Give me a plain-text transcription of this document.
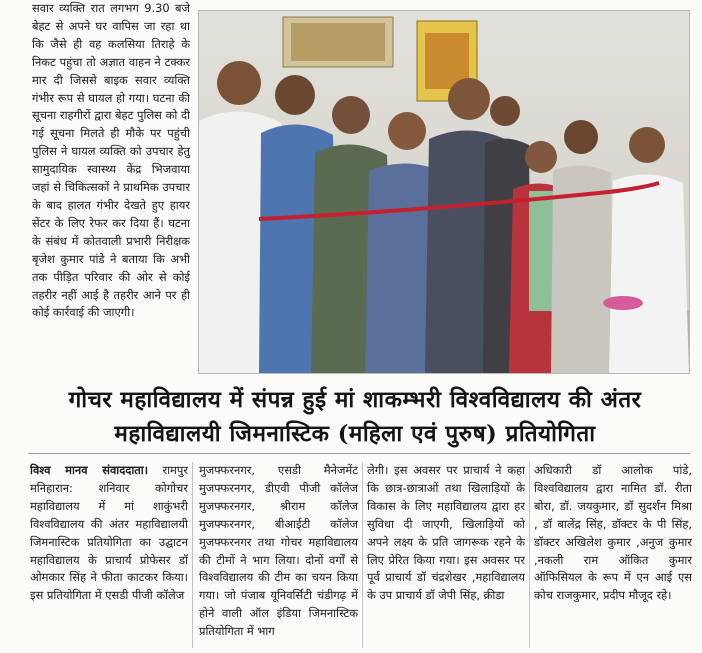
सवार व्यक्ति रात लगभग 9.30 बजे बेहट से अपने घर वापिस जा रहा था कि जैसे ही वह कलसिया तिराहे के निकट पहुंचा तो अज्ञात वाहन ने टक्कर मार दी जिससे बाइक सवार व्यक्ति गंभीर रूप से घायल हो गया। घटना की सूचना राहगीरों द्वारा बेहट पुलिस को दी गई सूचना मिलते ही मौके पर पहुंची पुलिस ने घायल व्यक्ति को उपचार हेतु सामुदायिक स्वास्थ्य केंद्र भिजवाया जहां से चिकित्सकों ने प्राथमिक उपचार के बाद हालत गंभीर देखते हुए हायर सेंटर के लिए रेफर कर दिया हैं। घटना के संबंध में कोतवाली प्रभारी निरीक्षक बृजेश कुमार पांडे ने बताया कि अभी तक पीड़ित परिवार की ओर से कोई तहरीर नहीं आई है तहरीर आने पर ही कोई कार्रवाई की जाएगी।

गोचर महाविद्यालय में संपन्न हुई मां शाकम्भरी विश्वविद्यालय की अंतर महाविद्यालयी जिमनास्टिक (महिला एवं पुरुष) प्रतियोगिता

विश्व मानव संवाददाता। रामपुर मनिहारान: शनिवार कोगोचर महाविद्यालय में मां शाकुंभरी विश्वविद्यालय की अंतर महाविद्यालयी जिमनास्टिक प्रतियोगिता का उद्घाटन महाविद्यालय के प्राचार्य प्रोफेसर डॉ ओमकार सिंह ने फीता काटकर किया।इस प्रतियोगिता में एसडी पीजी कॉलेज

मुजफ्फरनगर, एसडी मैनेजमेंट मुजफ्फरनगर, डीएवी पीजी कॉलेज मुजफ्फरनगर, श्रीराम कॉलेज मुजफ्फरनगर, बीआईटी कॉलेज मुजफ्फरनगर तथा गोचर महाविद्यालय की टीमों ने भाग लिया। दोनों वर्गों से विश्वविद्यालय की टीम का चयन किया गया। जो पंजाब यूनिवर्सिटी चंडीगढ़ में होने वाली ऑल इंडिया जिमनास्टिक प्रतियोगिता में भाग

लेगी। इस अवसर पर प्राचार्य ने कहा कि छात्र-छात्राओं तथा खिलाड़ियों के विकास के लिए महाविद्यालय द्वारा हर सुविधा दी जाएगी, खिलाड़ियों को अपने लक्ष्य के प्रति जागरूक रहने के लिए प्रेरित किया गया। इस अवसर पर पूर्व प्राचार्य डॉ चंद्रशेखर ,महाविद्यालय के उप प्राचार्य डॉ जेपी सिंह, क्रीडा

अधिकारी डॉ आलोक पांडे, विश्वविद्यालय द्वारा नामित डॉ. रीता बोरा, डॉ. जयकुमार, डॉ सुदर्शन मिश्रा , डॉ बालेंद्र सिंह, डॉक्टर के पी सिंह, डॉक्टर अखिलेश कुमार ,अनुज कुमार ,नकली राम ऑकित कुमार ऑफिसियल के रूप में एन आई एस कोच राजकुमार, प्रदीप मौजूद रहे।
